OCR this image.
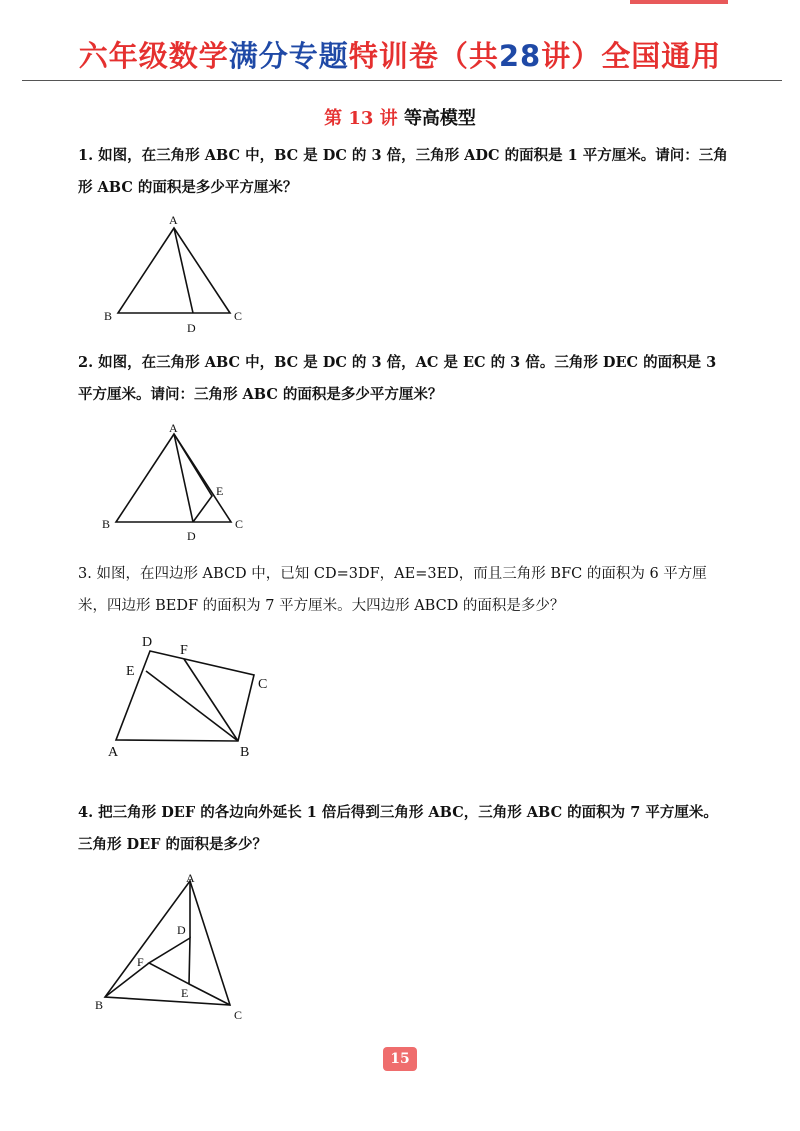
六年级数学满分专题特训卷（共28讲）全国通用
第 13 讲 等高模型
1. 如图，在三角形 ABC 中，BC 是 DC 的 3 倍，三角形 ADC 的面积是 1 平方厘米。请问：三角形 ABC 的面积是多少平方厘米？
A
B	C
D
2. 如图，在三角形 ABC 中，BC 是 DC 的 3 倍，AC 是 EC 的 3 倍。三角形 DEC 的面积是 3 平方厘米。请问：三角形 ABC 的面积是多少平方厘米？
A
B	C
D
E
3. 如图，在四边形 ABCD 中，已知 CD=3DF，AE=3ED，而且三角形 BFC 的面积为 6 平方厘米，四边形 BEDF 的面积为 7 平方厘米。大四边形 ABCD 的面积是多少？
D
F
E
C
A	B
4. 把三角形 DEF 的各边向外延长 1 倍后得到三角形 ABC，三角形 ABC 的面积为 7 平方厘米。三角形 DEF 的面积是多少？
A
D
F
E
B
C
15
